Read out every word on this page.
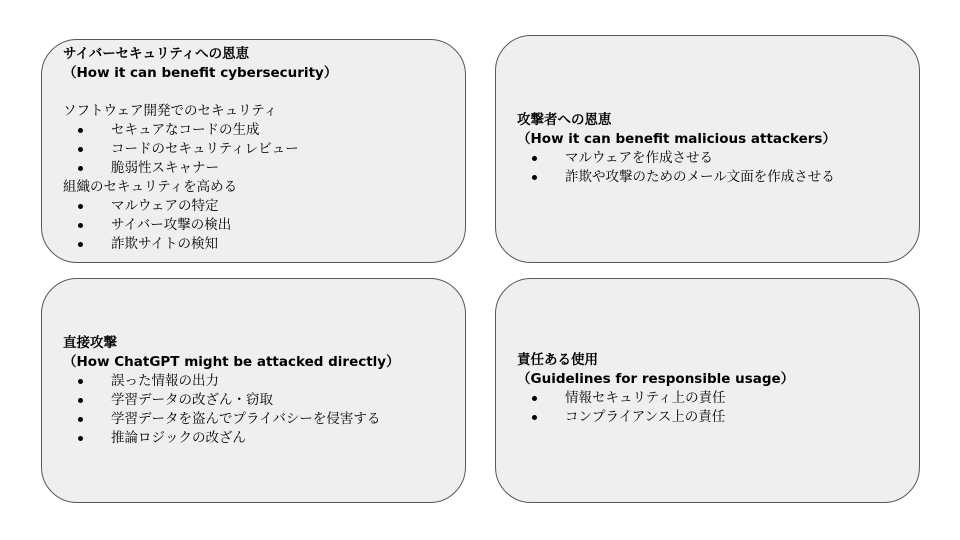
サイバーセキュリティへの恩恵
（How it can benefit cybersecurity）
ソフトウェア開発でのセキュリティ
セキュアなコードの生成
コードのセキュリティレビュー
脆弱性スキャナー
組織のセキュリティを高める
マルウェアの特定
サイバー攻撃の検出
詐欺サイトの検知
攻撃者への恩恵
（How it can benefit malicious attackers）
マルウェアを作成させる
詐欺や攻撃のためのメール文面を作成させる
直接攻撃
（How ChatGPT might be attacked directly）
誤った情報の出力
学習データの改ざん・窃取
学習データを盗んでプライバシーを侵害する
推論ロジックの改ざん
責任ある使用
（Guidelines for responsible usage）
情報セキュリティ上の責任
コンプライアンス上の責任
